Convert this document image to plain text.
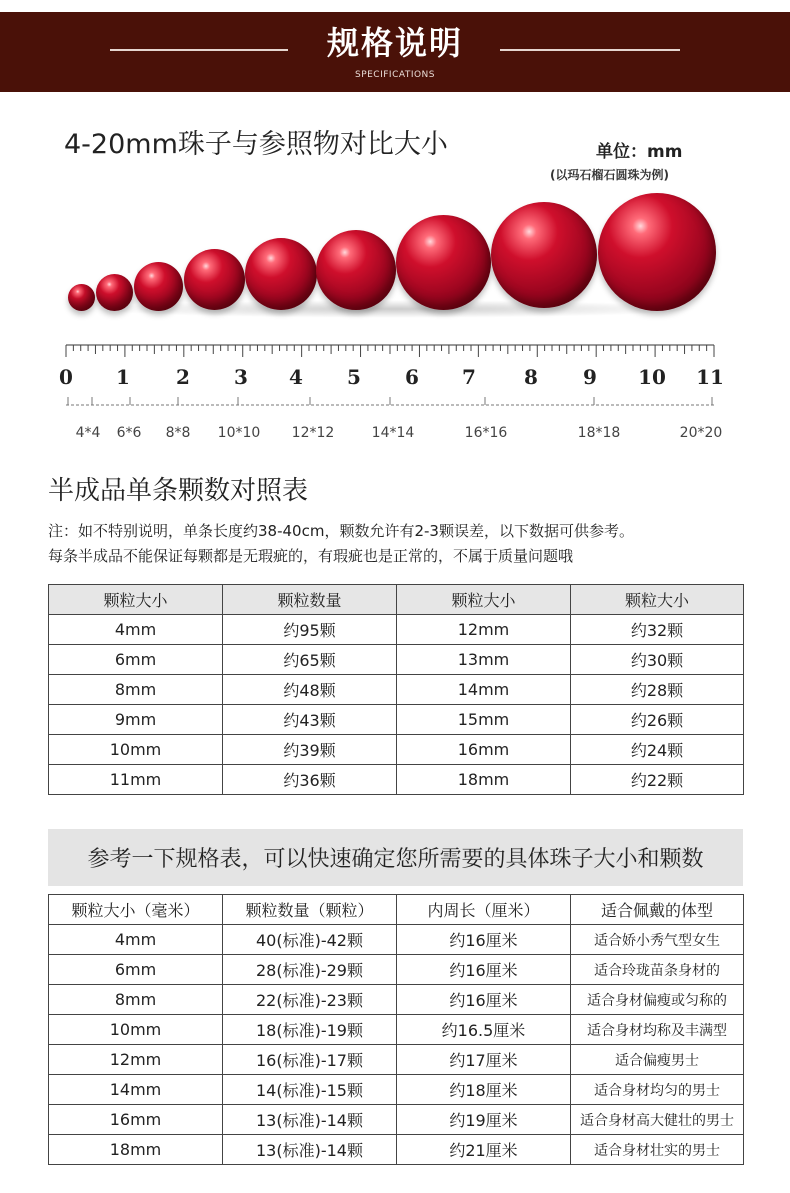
规格说明
SPECIFICATIONS
4-20mm珠子与参照物对比大小	单位：mm
(以玛石榴石圆珠为例)
0 1 2 3 4 5 6 7 8 9 10 11
4*4 6*6 8*8 10*10 12*12	14*14	16*16	18*18	20*20
半成品单条颗数对照表
注：如不特别说明，单条长度约38-40cm，颗数允许有2-3颗误差，以下数据可供参考。
每条半成品不能保证每颗都是无瑕疵的，有瑕疵也是正常的，不属于质量问题哦
颗粒大小	颗粒数量	颗粒大小	颗粒大小
4mm	约95颗	12mm	约32颗
6mm	约65颗	13mm	约30颗
8mm	约48颗	14mm	约28颗
9mm	约43颗	15mm	约26颗
10mm	约39颗	16mm	约24颗
11mm	约36颗	18mm	约22颗
参考一下规格表，可以快速确定您所需要的具体珠子大小和颗数
颗粒大小（毫米）	颗粒数量（颗粒）	内周长（厘米）	适合佩戴的体型
4mm	40(标准)-42颗	约16厘米	适合娇小秀气型女生
6mm	28(标准)-29颗	约16厘米	适合玲珑苗条身材的
8mm	22(标准)-23颗	约16厘米	适合身材偏瘦或匀称的
10mm	18(标准)-19颗	约16.5厘米	适合身材均称及丰满型
12mm	16(标准)-17颗	约17厘米	适合偏瘦男士
14mm	14(标准)-15颗	约18厘米	适合身材均匀的男士
16mm	13(标准)-14颗	约19厘米	适合身材高大健壮的男士
18mm	13(标准)-14颗	约21厘米	适合身材壮实的男士
